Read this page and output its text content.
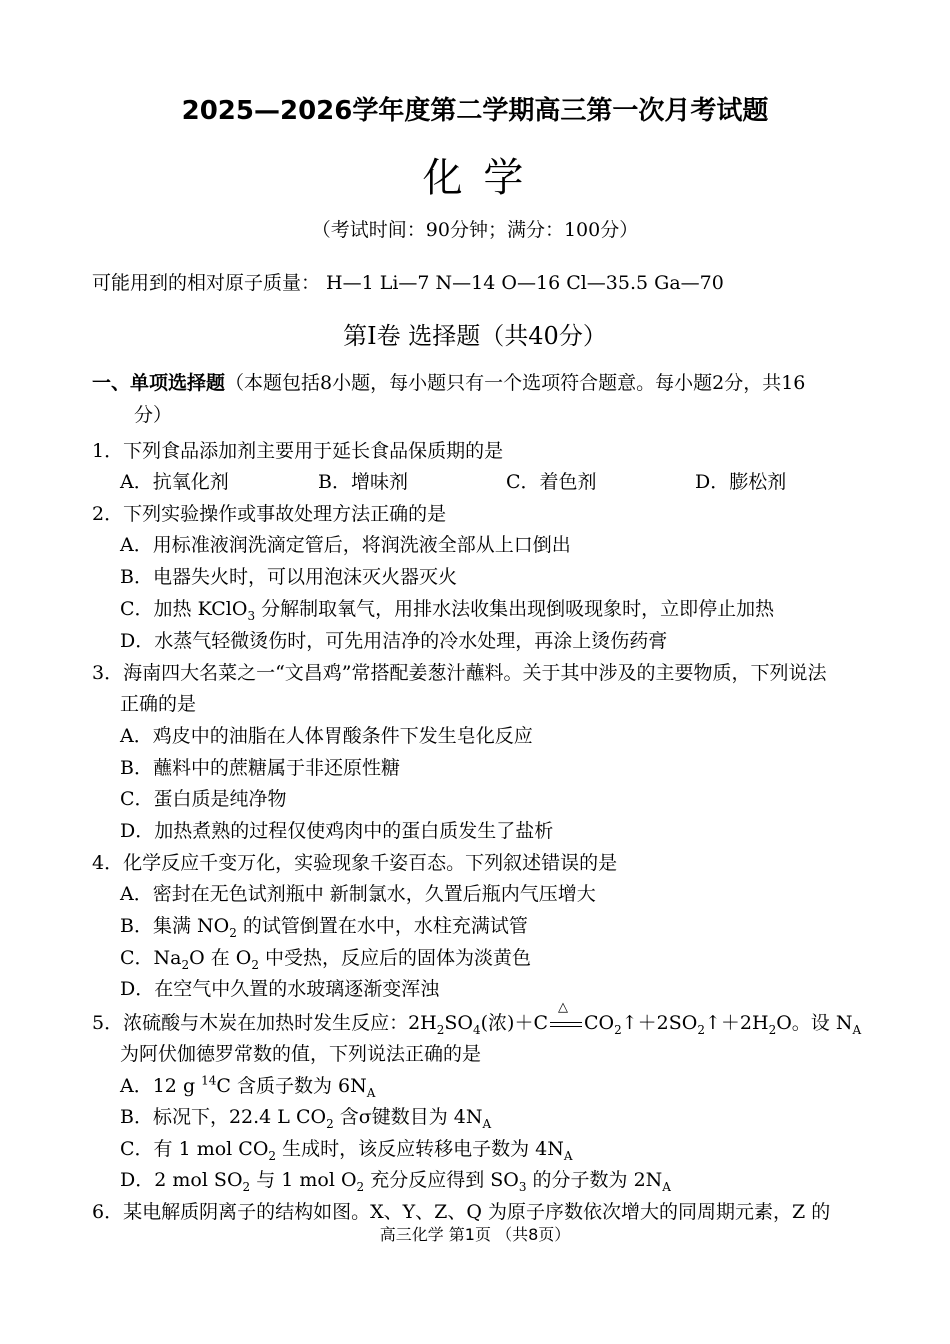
2025—2026学年度第二学期高三第一次月考试题
化 学
（考试时间：90分钟；满分：100分）
可能用到的相对原子质量： H—1 Li—7 N—14 O—16 Cl—35.5 Ga—70
第Ⅰ卷 选择题（共40分）
一、单项选择题（本题包括8小题，每小题只有一个选项符合题意。每小题2分，共16
分）
1．下列食品添加剂主要用于延长食品保质期的是
A．抗氧化剂	B．增味剂	C．着色剂	D．膨松剂
2．下列实验操作或事故处理方法正确的是
A．用标准液润洗滴定管后，将润洗液全部从上口倒出
B．电器失火时，可以用泡沫灭火器灭火
C．加热 KClO$_3$ 分解制取氧气，用排水法收集出现倒吸现象时，立即停止加热
D．水蒸气轻微烫伤时，可先用洁净的冷水处理，再涂上烫伤药膏
3．海南四大名菜之一“文昌鸡”常搭配姜葱汁蘸料。关于其中涉及的主要物质，下列说法
正确的是
A．鸡皮中的油脂在人体胃酸条件下发生皂化反应
B．蘸料中的蔗糖属于非还原性糖
C．蛋白质是纯净物
D．加热煮熟的过程仅使鸡肉中的蛋白质发生了盐析
4．化学反应千变万化，实验现象千姿百态。下列叙述错误的是
A．密封在无色试剂瓶中 新制氯水，久置后瓶内气压增大
B．集满 $NO_2$ 的试管倒置在水中，水柱充满试管
C．$Na_2O$ 在 $O_2$ 中受热，反应后的固体为淡黄色
D．在空气中久置的水玻璃逐渐变浑浊
5．浓硫酸与木炭在加热时发生反应：$2H_2SO_4$(浓)＋C
△
$CO_2↑+2SO_2↑+2H_2O$。设 $N_A$
为阿伏伽德罗常数的值，下列说法正确的是
A．12 g $^{14}$C 含质子数为 $6N_A$
B．标况下，22.4 L $CO_2$ 含σ键数目为 $4N_A$
C．有 1 mol $CO_2$ 生成时，该反应转移电子数为 $4N_A$
D．2 mol $SO_2$ 与 1 mol $O_2$ 充分反应得到 $SO_3$ 的分子数为 $2N_A$
6．某电解质阴离子的结构如图。X、Y、Z、Q 为原子序数依次增大的同周期元素，Z 的
高三化学 第1页 （共8页）
